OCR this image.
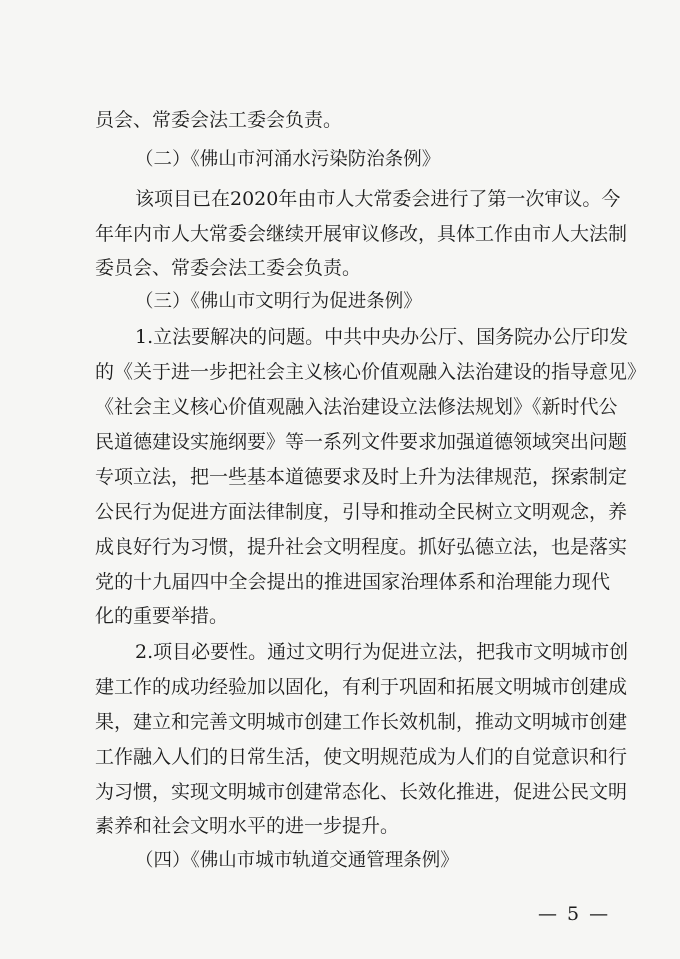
员会、常委会法工委会负责。
（二）《佛山市河涌水污染防治条例》
该项目已在2020年由市人大常委会进行了第一次审议。今
年年内市人大常委会继续开展审议修改，具体工作由市人大法制
委员会、常委会法工委会负责。
（三）《佛山市文明行为促进条例》
1.立法要解决的问题。中共中央办公厅、国务院办公厅印发
的《关于进一步把社会主义核心价值观融入法治建设的指导意见》
《社会主义核心价值观融入法治建设立法修法规划》《新时代公
民道德建设实施纲要》等一系列文件要求加强道德领域突出问题
专项立法，把一些基本道德要求及时上升为法律规范，探索制定
公民行为促进方面法律制度，引导和推动全民树立文明观念，养
成良好行为习惯，提升社会文明程度。抓好弘德立法，也是落实
党的十九届四中全会提出的推进国家治理体系和治理能力现代
化的重要举措。
2.项目必要性。通过文明行为促进立法，把我市文明城市创
建工作的成功经验加以固化，有利于巩固和拓展文明城市创建成
果，建立和完善文明城市创建工作长效机制，推动文明城市创建
工作融入人们的日常生活，使文明规范成为人们的自觉意识和行
为习惯，实现文明城市创建常态化、长效化推进，促进公民文明
素养和社会文明水平的进一步提升。
（四）《佛山市城市轨道交通管理条例》
— 5 —
